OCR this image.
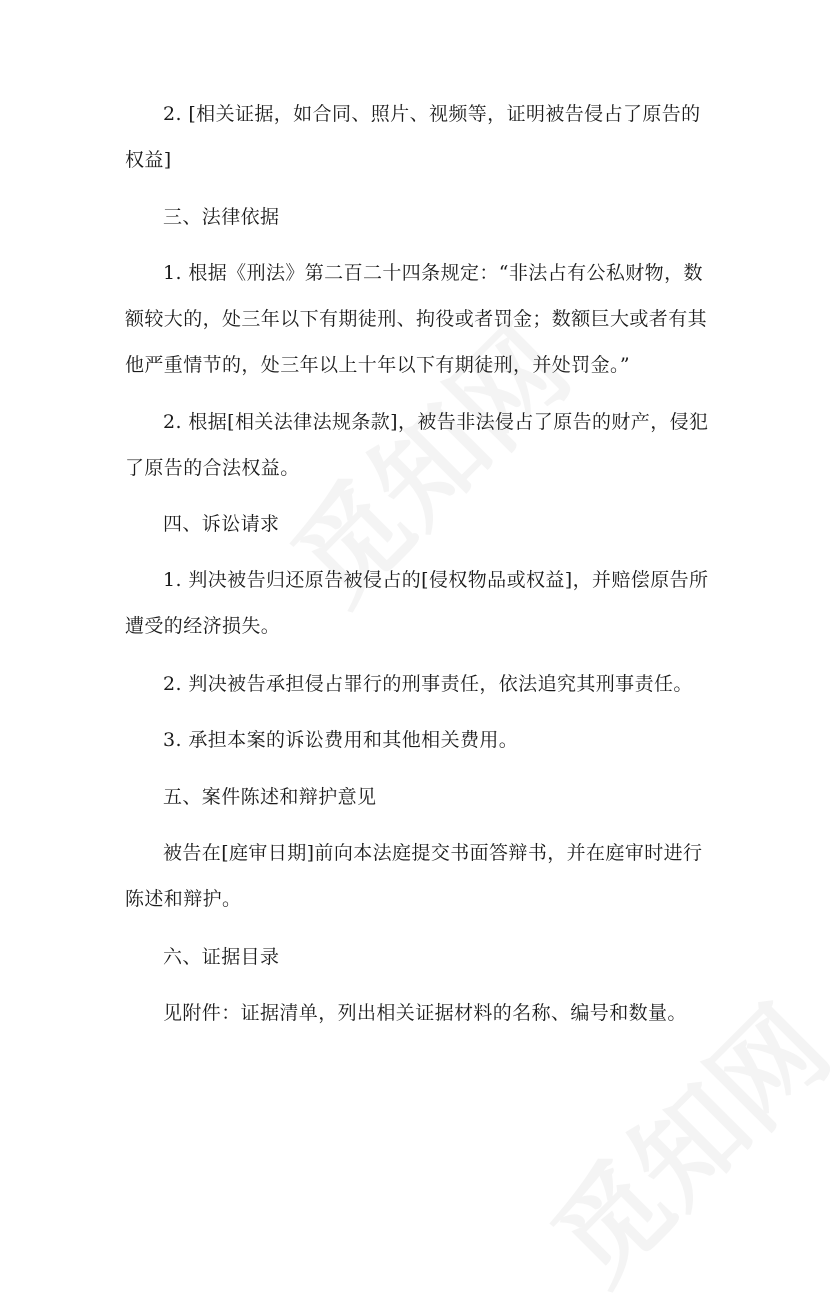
2. [相关证据，如合同、照片、视频等，证明被告侵占了原告的权益]

三、法律依据

1. 根据《刑法》第二百二十四条规定：“非法占有公私财物，数额较大的，处三年以下有期徒刑、拘役或者罚金；数额巨大或者有其他严重情节的，处三年以上十年以下有期徒刑，并处罚金。”

2. 根据[相关法律法规条款]，被告非法侵占了原告的财产，侵犯了原告的合法权益。

四、诉讼请求

1. 判决被告归还原告被侵占的[侵权物品或权益]，并赔偿原告所遭受的经济损失。

2. 判决被告承担侵占罪行的刑事责任，依法追究其刑事责任。

3. 承担本案的诉讼费用和其他相关费用。

五、案件陈述和辩护意见

被告在[庭审日期]前向本法庭提交书面答辩书，并在庭审时进行陈述和辩护。

六、证据目录

见附件：证据清单，列出相关证据材料的名称、编号和数量。
